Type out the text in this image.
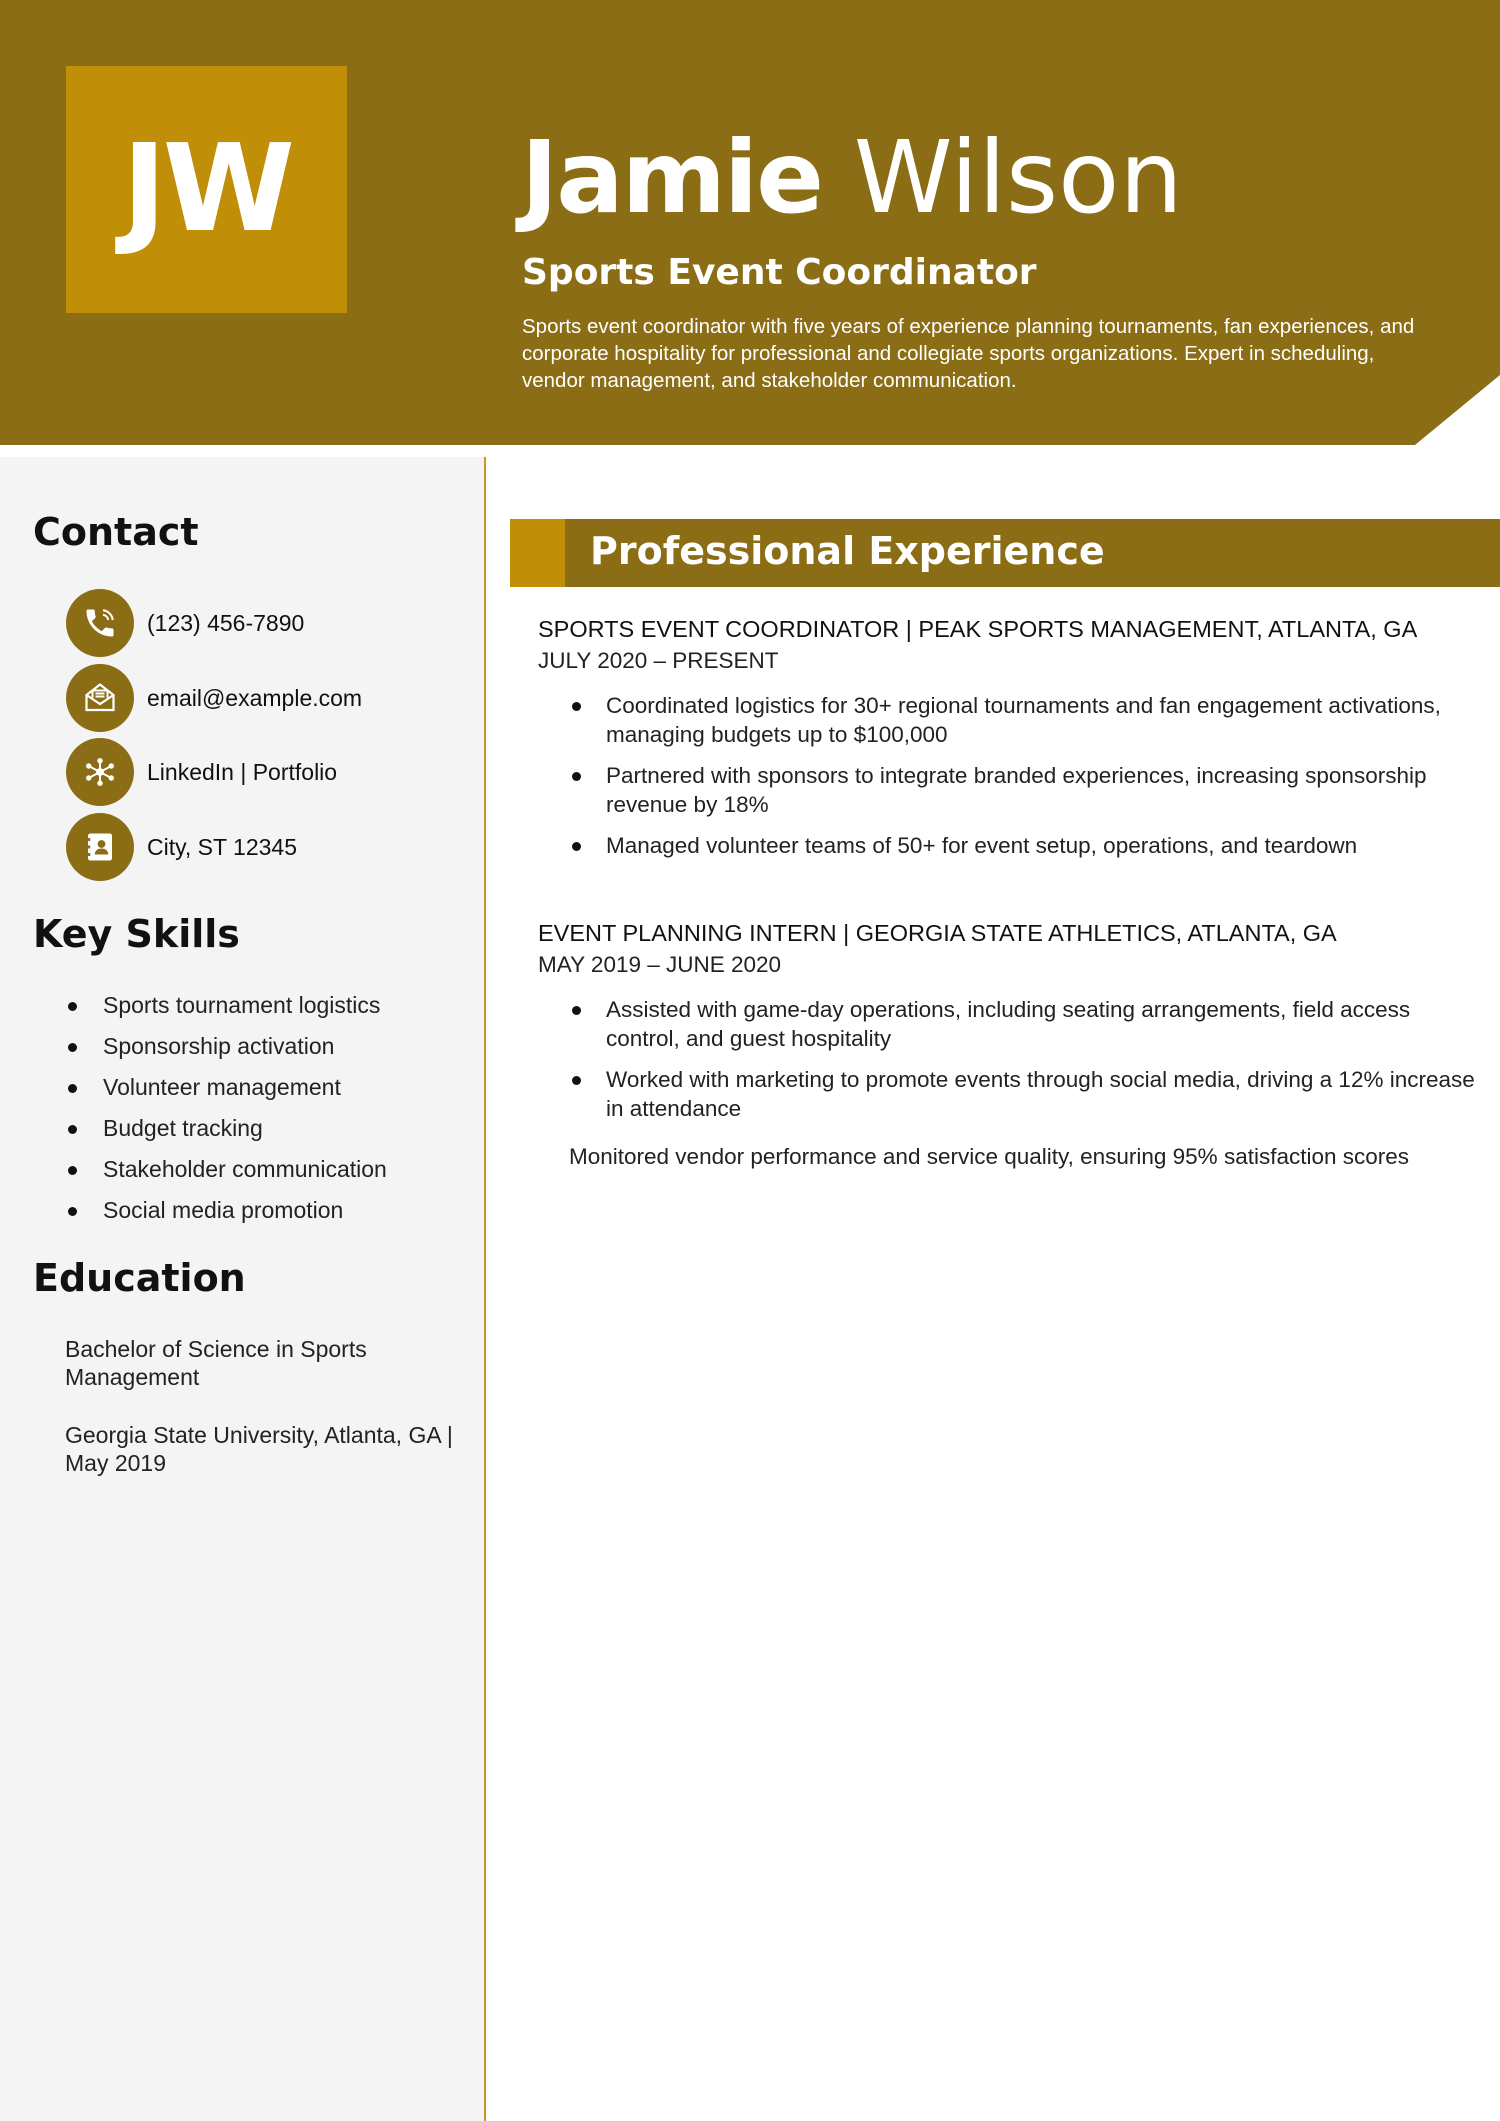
JW Jamie Wilson
Sports Event Coordinator

Sports event coordinator with five years of experience planning tournaments, fan experiences, and corporate hospitality for professional and collegiate sports organizations. Expert in scheduling, vendor management, and stakeholder communication.

Contact
(123) 456-7890
email@example.com
LinkedIn | Portfolio
City, ST 12345
Key Skills
Sports tournament logistics
Sponsorship activation
Volunteer management
Budget tracking
Stakeholder communication
Social media promotion
Education

Bachelor of Science in Sports Management

Georgia State University, Atlanta, GA | May 2019

Professional Experience

SPORTS EVENT COORDINATOR | PEAK SPORTS MANAGEMENT, ATLANTA, GA

JULY 2020 – PRESENT

Coordinated logistics for 30+ regional tournaments and fan engagement activations, managing budgets up to $100,000
Partnered with sponsors to integrate branded experiences, increasing sponsorship revenue by 18%
Managed volunteer teams of 50+ for event setup, operations, and teardown

EVENT PLANNING INTERN | GEORGIA STATE ATHLETICS, ATLANTA, GA

MAY 2019 – JUNE 2020

Assisted with game-day operations, including seating arrangements, field access control, and guest hospitality
Worked with marketing to promote events through social media, driving a 12% increase in attendance

Monitored vendor performance and service quality, ensuring 95% satisfaction scores
